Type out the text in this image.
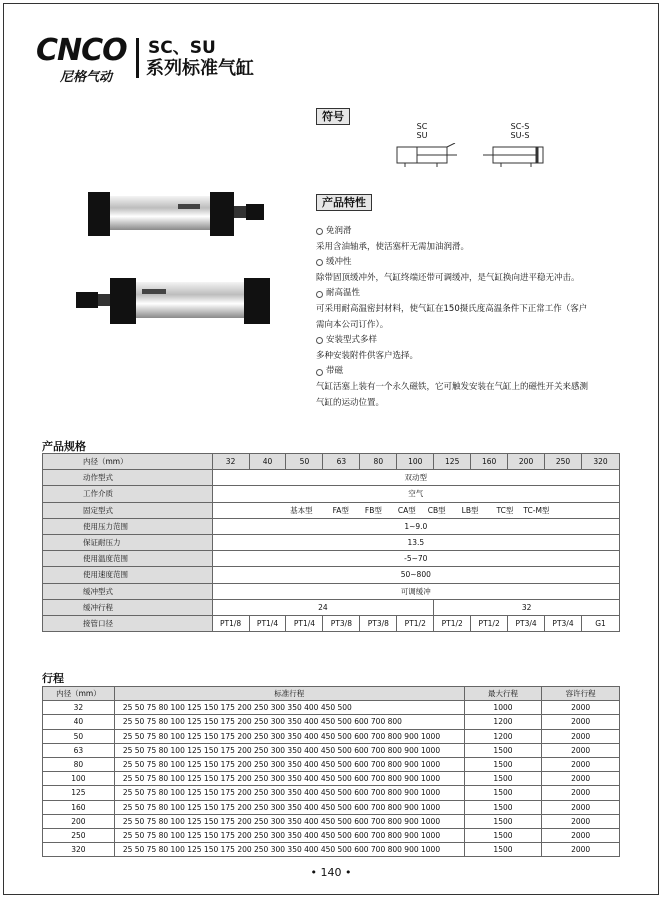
CNCO
尼格气动
SC、SU
系列标准气缸
符号
SC
SU
SC-S
SU-S
产品特性
免润滑
采用含油轴承，使活塞杆无需加油润滑。
缓冲性
除带固顶缓冲外，气缸终端还带可调缓冲，是气缸换向进平稳无冲击。
耐高温性
可采用耐高温密封材料，使气缸在150摄氏度高温条件下正常工作（客户
需向本公司订作）。
安装型式多样
多种安装附件供客户选择。
带磁
气缸活塞上装有一个永久磁铁，它可触发安装在气缸上的磁性开关来感测
气缸的运动位置。
产品规格
内径（mm）	32	40	50	63	80	100	125	160	200	250	320
动作型式	双动型										
工作介质	空气										
固定型式	基本型 FA型 FB型 CA型 CB型 LB型 TC型 TC-M型										
使用压力范围	1~9.0										
保证耐压力	13.5										
使用温度范围	-5~70										
使用速度范围	50~800										
缓冲型式	可调缓冲										
缓冲行程	24						32				
接管口径	PT1/8	PT1/4	PT1/4	PT3/8	PT3/8	PT1/2	PT1/2	PT1/2	PT3/4	PT3/4	G1
行程
内径（mm）	标准行程	最大行程	容许行程
32	25 50 75 80 100 125 150 175 200 250 300 350 400 450 500	1000	2000
40	25 50 75 80 100 125 150 175 200 250 300 350 400 450 500 600 700 800	1200	2000
50	25 50 75 80 100 125 150 175 200 250 300 350 400 450 500 600 700 800 900 1000	1200	2000
63	25 50 75 80 100 125 150 175 200 250 300 350 400 450 500 600 700 800 900 1000	1500	2000
80	25 50 75 80 100 125 150 175 200 250 300 350 400 450 500 600 700 800 900 1000	1500	2000
100	25 50 75 80 100 125 150 175 200 250 300 350 400 450 500 600 700 800 900 1000	1500	2000
125	25 50 75 80 100 125 150 175 200 250 300 350 400 450 500 600 700 800 900 1000	1500	2000
160	25 50 75 80 100 125 150 175 200 250 300 350 400 450 500 600 700 800 900 1000	1500	2000
200	25 50 75 80 100 125 150 175 200 250 300 350 400 450 500 600 700 800 900 1000	1500	2000
250	25 50 75 80 100 125 150 175 200 250 300 350 400 450 500 600 700 800 900 1000	1500	2000
320	25 50 75 80 100 125 150 175 200 250 300 350 400 450 500 600 700 800 900 1000	1500	2000
• 140 •
